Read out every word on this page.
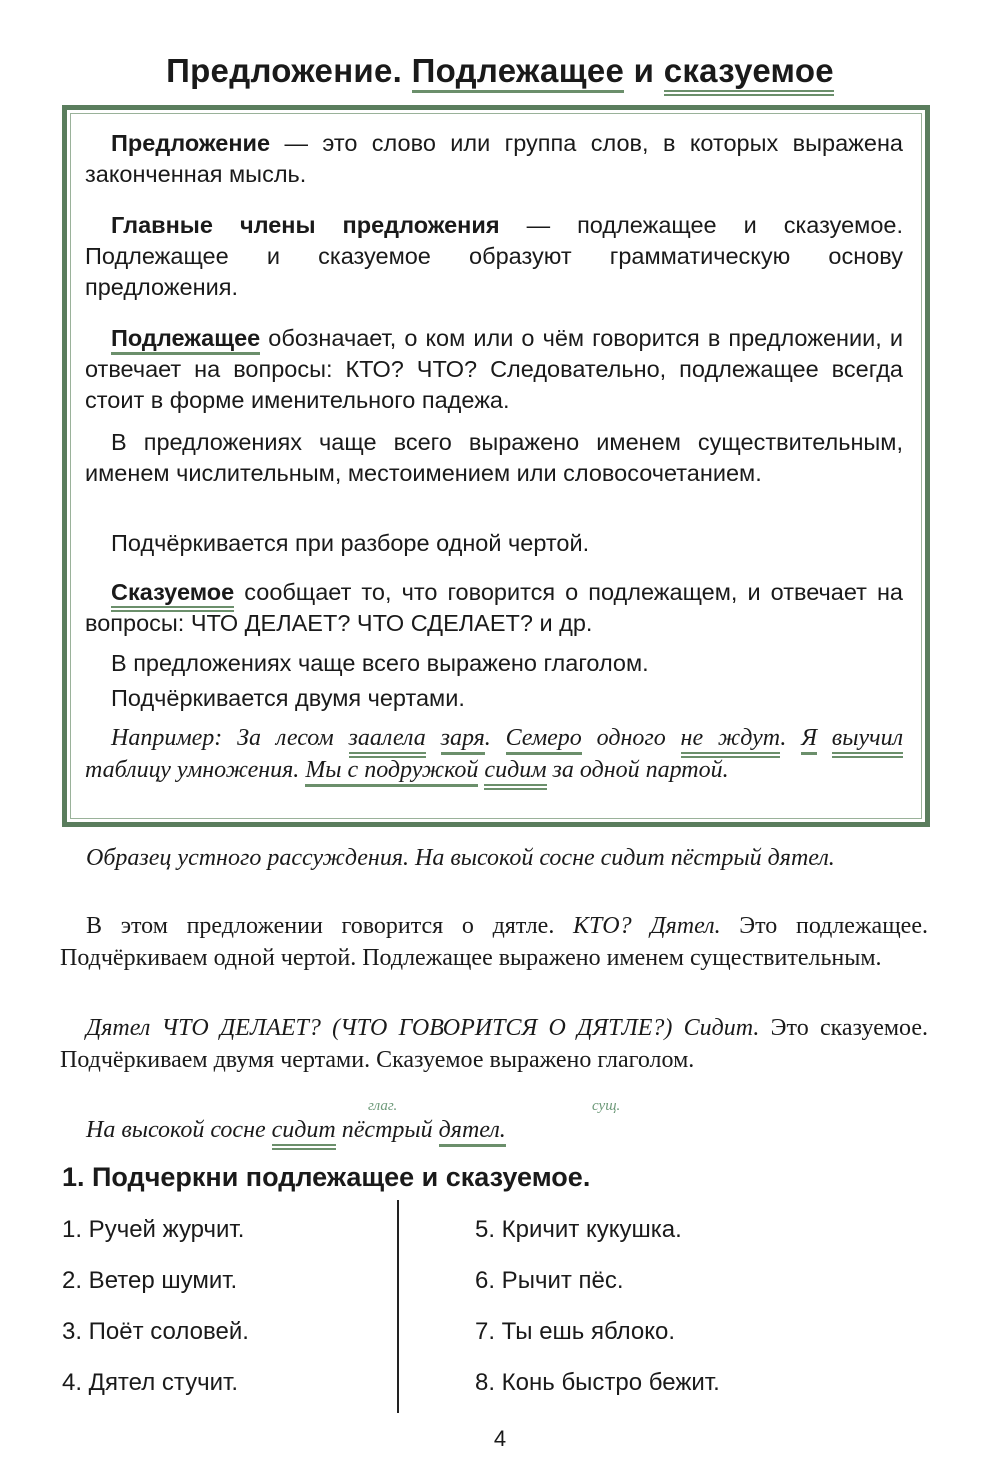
Предложение. Подлежащее и сказуемое
Предложение — это слово или группа слов, в которых выражена законченная мысль.
Главные члены предложения — подлежащее и сказуемое. Подлежащее и сказуемое образуют грамматическую основу предложения.
Подлежащее обозначает, о ком или о чём говорится в предложении, и отвечает на вопросы: КТО? ЧТО? Следовательно, подлежащее всегда стоит в форме именительного падежа.
В предложениях чаще всего выражено именем существительным, именем числительным, местоимением или словосочетанием.
Подчёркивается при разборе одной чертой.
Сказуемое сообщает то, что говорится о подлежащем, и отвечает на вопросы: ЧТО ДЕЛАЕТ? ЧТО СДЕЛАЕТ? и др.
В предложениях чаще всего выражено глаголом.
Подчёркивается двумя чертами.
Например: За лесом заалела заря. Семеро одного не ждут. Я выучил таблицу умножения. Мы с подружкой сидим за одной партой.
Образец устного рассуждения. На высокой сосне сидит пёстрый дятел.
В этом предложении говорится о дятле. КТО? Дятел. Это подлежащее. Подчёркиваем одной чертой. Подлежащее выражено именем существительным.
Дятел ЧТО ДЕЛАЕТ? (ЧТО ГОВОРИТСЯ О ДЯТЛЕ?) Сидит. Это сказуемое. Подчёркиваем двумя чертами. Сказуемое выражено глаголом.
глаг.	сущ.
На высокой сосне сидит пёстрый дятел.
1. Подчеркни подлежащее и сказуемое.
1. Ручей журчит.
2. Ветер шумит.
3. Поёт соловей.
4. Дятел стучит.
5. Кричит кукушка.
6. Рычит пёс.
7. Ты ешь яблоко.
8. Конь быстро бежит.
4
